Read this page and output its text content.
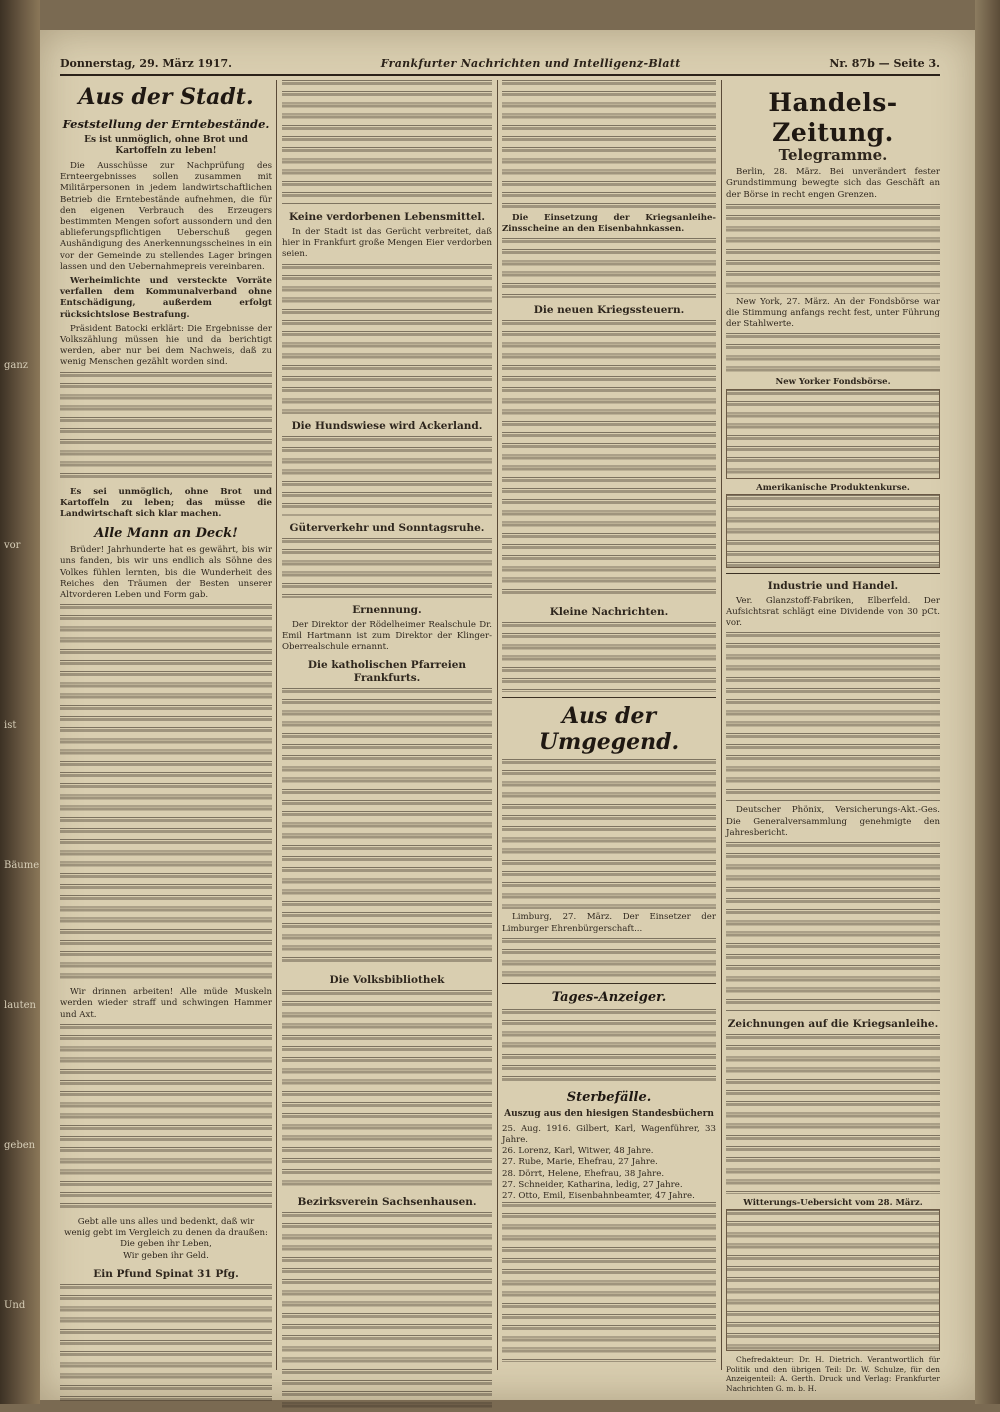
ganz
vor
ist
Bäume
lauten
geben
Und
Donnerstag, 29. März 1917.	Frankfurter Nachrichten und Intelligenz-Blatt	Nr. 87b — Seite 3.
Aus der Stadt.
Feststellung der Erntebestände.
Es ist unmöglich, ohne Brot und Kartoffeln zu leben!

Die Ausschüsse zur Nachprüfung des Ernteergebnisses sollen zusammen mit Militärpersonen in jedem landwirtschaftlichen Betrieb die Erntebestände aufnehmen, die für den eigenen Verbrauch des Erzeugers bestimmten Mengen sofort aussondern und den ablieferungspflichtigen Ueberschuß gegen Aushändigung des Anerkennungsscheines in ein vor der Gemeinde zu stellendes Lager bringen lassen und den Uebernahmepreis vereinbaren.

Werheimlichte und versteckte Vorräte verfallen dem Kommunalverband ohne Entschädigung, außerdem erfolgt rücksichtslose Bestrafung.

Präsident Batocki erklärt: Die Ergebnisse der Volkszählung müssen hie und da berichtigt werden, aber nur bei dem Nachweis, daß zu wenig Menschen gezählt worden sind.

Es sei unmöglich, ohne Brot und Kartoffeln zu leben; das müsse die Landwirtschaft sich klar machen.

Alle Mann an Deck!

Brüder! Jahrhunderte hat es gewährt, bis wir uns fanden, bis wir uns endlich als Söhne des Volkes fühlen lernten, bis die Wunderheit des Reiches den Träumen der Besten unserer Altvorderen Leben und Form gab.

Wir drinnen arbeiten! Alle müde Muskeln werden wieder straff und schwingen Hammer und Axt.

Gebt alle uns alles und bedenkt, daß wir
wenig gebt im Vergleich zu denen da draußen:
Die geben ihr Leben,
Wir geben ihr Geld.
Ein Pfund Spinat 31 Pfg.
Keine verdorbenen Lebensmittel.

In der Stadt ist das Gerücht verbreitet, daß hier in Frankfurt große Mengen Eier verdorben seien.

Die Hundswiese wird Ackerland.
Güterverkehr und Sonntagsruhe.
Ernennung.

Der Direktor der Rödelheimer Realschule Dr. Emil Hartmann ist zum Direktor der Klinger-Oberrealschule ernannt.

Die katholischen Pfarreien Frankfurts.
Die Volksbibliothek
Bezirksverein Sachsenhausen.

Die Einsetzung der Kriegsanleihe-Zinsscheine an den Eisenbahnkassen.

Die neuen Kriegssteuern.
Kleine Nachrichten.
Aus der Umgegend.

Limburg, 27. März. Der Einsetzer der Limburger Ehrenbürgerschaft...

Tages-Anzeiger.
Sterbefälle.
Auszug aus den hiesigen Standesbüchern
25. Aug. 1916. Gilbert, Karl, Wagenführer, 33 Jahre.
26. Lorenz, Karl, Witwer, 48 Jahre.
27. Rube, Marie, Ehefrau, 27 Jahre.
28. Dörrt, Helene, Ehefrau, 38 Jahre.
27. Schneider, Katharina, ledig, 27 Jahre.
27. Otto, Emil, Eisenbahnbeamter, 47 Jahre.
Handels-Zeitung.
Telegramme.

Berlin, 28. März. Bei unverändert fester Grundstimmung bewegte sich das Geschäft an der Börse in recht engen Grenzen.

New York, 27. März. An der Fondsbörse war die Stimmung anfangs recht fest, unter Führung der Stahlwerte.

New Yorker Fondsbörse.
Amerikanische Produktenkurse.
Industrie und Handel.

Ver. Glanzstoff-Fabriken, Elberfeld. Der Aufsichtsrat schlägt eine Dividende von 30 pCt. vor.

Deutscher Phönix, Versicherungs-Akt.-Ges. Die Generalversammlung genehmigte den Jahresbericht.

Zeichnungen auf die Kriegsanleihe.
Witterungs-Uebersicht vom 28. März.

Chefredakteur: Dr. H. Dietrich. Verantwortlich für Politik und den übrigen Teil: Dr. W. Schulze, für den Anzeigenteil: A. Gerth. Druck und Verlag: Frankfurter Nachrichten G. m. b. H.
